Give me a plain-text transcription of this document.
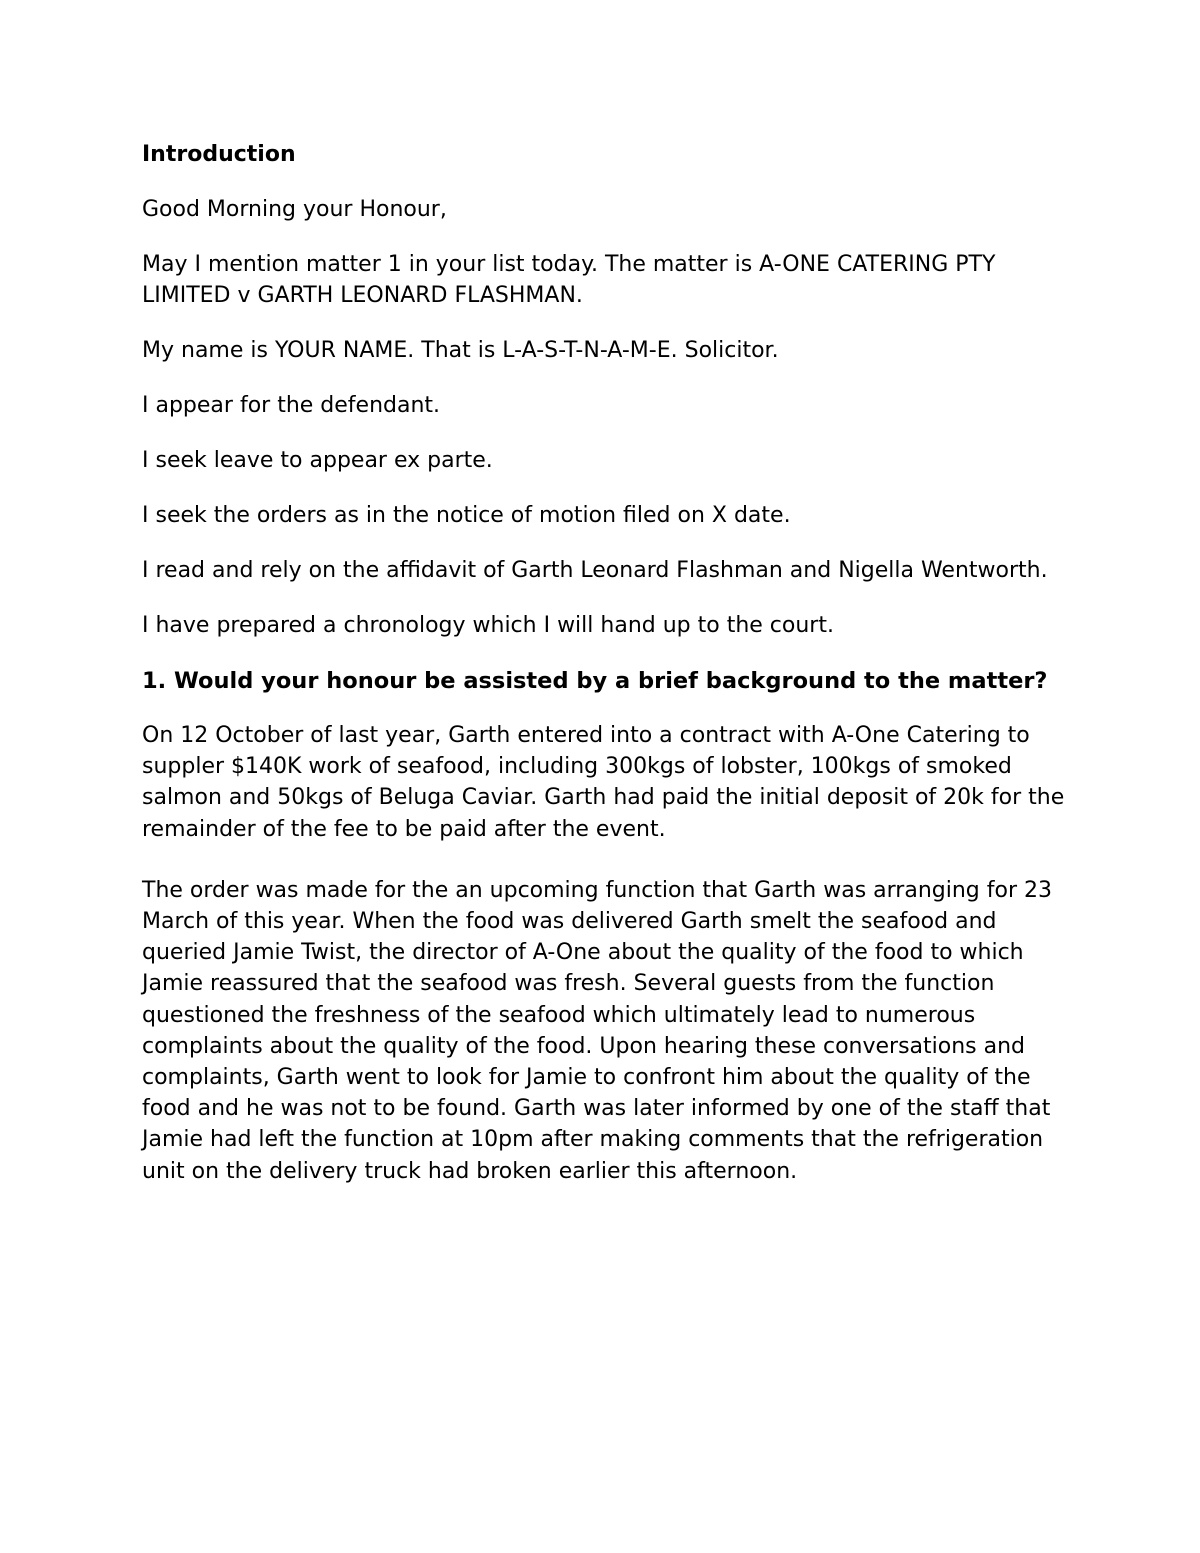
Introduction

Good Morning your Honour,

May I mention matter 1 in your list today. The matter is A-ONE CATERING PTY LIMITED v GARTH LEONARD FLASHMAN.

My name is YOUR NAME. That is L-A-S-T-N-A-M-E. Solicitor.

I appear for the defendant.

I seek leave to appear ex parte.

I seek the orders as in the notice of motion filed on X date.

I read and rely on the affidavit of Garth Leonard Flashman and Nigella Wentworth.

I have prepared a chronology which I will hand up to the court.

1. Would your honour be assisted by a brief background to the matter?

On 12 October of last year, Garth entered into a contract with A-One Catering to suppler $140K work of seafood, including 300kgs of lobster, 100kgs of smoked salmon and 50kgs of Beluga Caviar. Garth had paid the initial deposit of 20k for the remainder of the fee to be paid after the event.

The order was made for the an upcoming function that Garth was arranging for 23 March of this year. When the food was delivered Garth smelt the seafood and queried Jamie Twist, the director of A-One about the quality of the food to which Jamie reassured that the seafood was fresh. Several guests from the function questioned the freshness of the seafood which ultimately lead to numerous complaints about the quality of the food. Upon hearing these conversations and complaints, Garth went to look for Jamie to confront him about the quality of the food and he was not to be found. Garth was later informed by one of the staff that Jamie had left the function at 10pm after making comments that the refrigeration unit on the delivery truck had broken earlier this afternoon.
